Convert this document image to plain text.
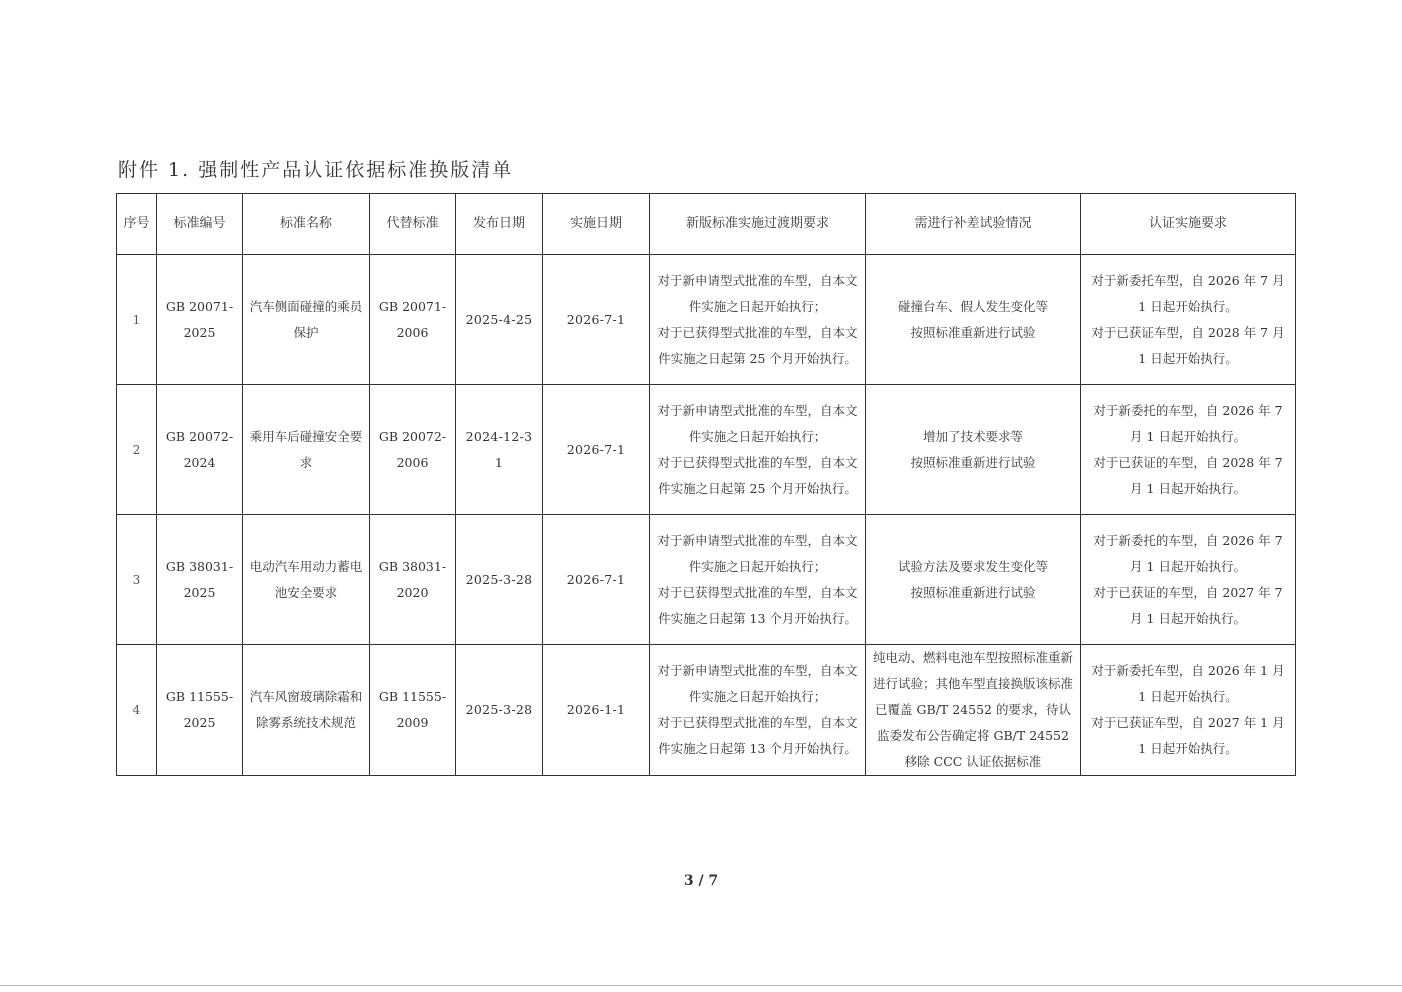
附件 1. 强制性产品认证依据标准换版清单
序号	标准编号	标准名称	代替标准	发布日期	实施日期	新版标准实施过渡期要求	需进行补差试验情况	认证实施要求
1	GB 20071-2025	汽车侧面碰撞的乘员保护	GB 20071-2006	2025-4-25	2026-7-1	对于新申请型式批准的车型，自本文件实施之日起开始执行；
对于已获得型式批准的车型，自本文件实施之日起第 25 个月开始执行。	碰撞台车、假人发生变化等
按照标准重新进行试验	对于新委托车型，自 2026 年 7 月 1 日起开始执行。
对于已获证车型，自 2028 年 7 月 1 日起开始执行。

2	GB 20072-2024	乘用车后碰撞安全要求	GB 20072-2006	2024-12-31	2026-7-1	对于新申请型式批准的车型，自本文件实施之日起开始执行；
对于已获得型式批准的车型，自本文件实施之日起第 25 个月开始执行。	增加了技术要求等
按照标准重新进行试验	对于新委托的车型，自 2026 年 7 月 1 日起开始执行。
对于已获证的车型，自 2028 年 7 月 1 日起开始执行。

3	GB 38031-2025	电动汽车用动力蓄电池安全要求	GB 38031-2020	2025-3-28	2026-7-1	对于新申请型式批准的车型，自本文件实施之日起开始执行；
对于已获得型式批准的车型，自本文件实施之日起第 13 个月开始执行。	试验方法及要求发生变化等
按照标准重新进行试验	对于新委托的车型，自 2026 年 7 月 1 日起开始执行。
对于已获证的车型，自 2027 年 7 月 1 日起开始执行。

4	GB 11555-2025	汽车风窗玻璃除霜和除雾系统技术规范	GB 11555-2009	2025-3-28	2026-1-1	对于新申请型式批准的车型，自本文件实施之日起开始执行；
对于已获得型式批准的车型，自本文件实施之日起第 13 个月开始执行。	纯电动、燃料电池车型按照标准重新进行试验；其他车型直接换版该标准已覆盖 GB/T 24552 的要求，待认监委发布公告确定将 GB/T 24552 移除 CCC 认证依据标准	对于新委托车型，自 2026 年 1 月 1 日起开始执行。
对于已获证车型，自 2027 年 1 月 1 日起开始执行。
3 / 7
